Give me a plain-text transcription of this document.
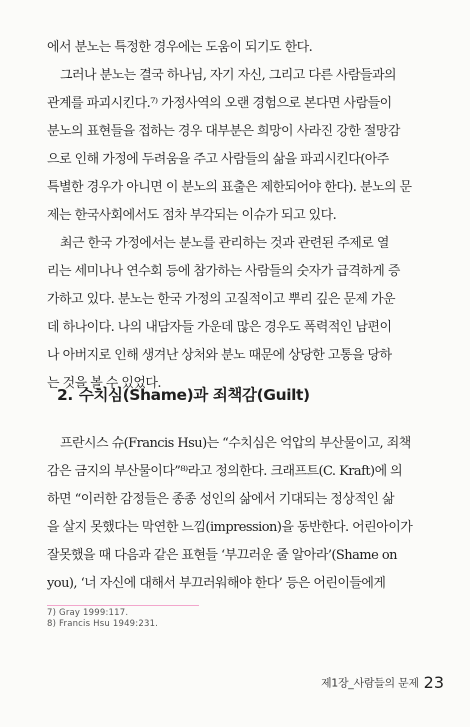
에서 분노는 특정한 경우에는 도움이 되기도 한다.
그러나 분노는 결국 하나님, 자기 자신, 그리고 다른 사람들과의
관계를 파괴시킨다.⁷⁾ 가정사역의 오랜 경험으로 본다면 사람들이
분노의 표현들을 접하는 경우 대부분은 희망이 사라진 강한 절망감
으로 인해 가정에 두려움을 주고 사람들의 삶을 파괴시킨다(아주
특별한 경우가 아니면 이 분노의 표출은 제한되어야 한다). 분노의 문
제는 한국사회에서도 점차 부각되는 이슈가 되고 있다.
최근 한국 가정에서는 분노를 관리하는 것과 관련된 주제로 열
리는 세미나나 연수회 등에 참가하는 사람들의 숫자가 급격하게 증
가하고 있다. 분노는 한국 가정의 고질적이고 뿌리 깊은 문제 가운
데 하나이다. 나의 내담자들 가운데 많은 경우도 폭력적인 남편이
나 아버지로 인해 생겨난 상처와 분노 때문에 상당한 고통을 당하
는 것을 볼 수 있었다.
2. 수치심(Shame)과 죄책감(Guilt)
프란시스 슈(Francis Hsu)는 “수치심은 억압의 부산물이고, 죄책
감은 금지의 부산물이다”⁸⁾라고 정의한다. 크래프트(C. Kraft)에 의
하면 “이러한 감정들은 종종 성인의 삶에서 기대되는 정상적인 삶
을 살지 못했다는 막연한 느낌(impression)을 동반한다. 어린아이가
잘못했을 때 다음과 같은 표현들 ‘부끄러운 줄 알아라’(Shame on
you), ‘너 자신에 대해서 부끄러워해야 한다’ 등은 어린이들에게
7) Gray 1999:117.
8) Francis Hsu 1949:231.
제1장_사람들의 문제 23
